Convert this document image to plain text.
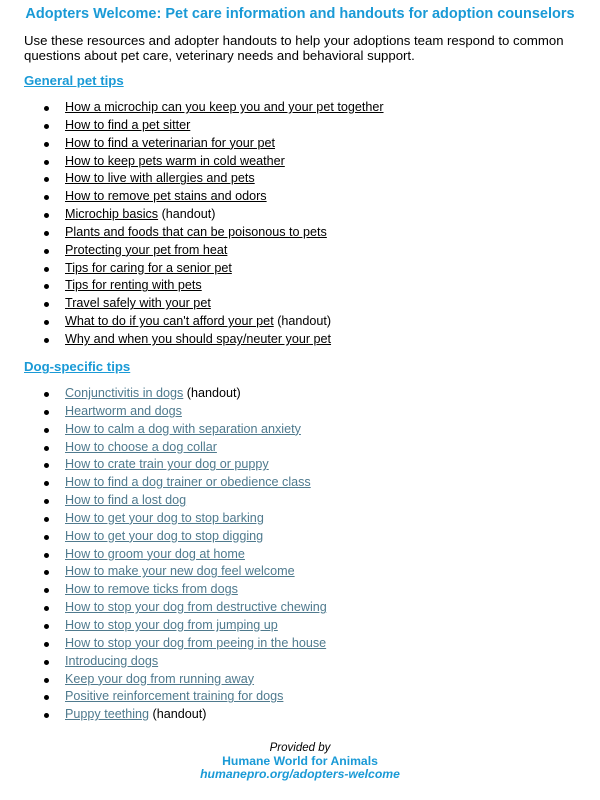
Adopters Welcome: Pet care information and handouts for adoption counselors

Use these resources and adopter handouts to help your adoptions team respond to common questions about pet care, veterinary needs and behavioral support.

General pet tips
How a microchip can you keep you and your pet together
How to find a pet sitter
How to find a veterinarian for your pet
How to keep pets warm in cold weather
How to live with allergies and pets
How to remove pet stains and odors
Microchip basics (handout)
Plants and foods that can be poisonous to pets
Protecting your pet from heat
Tips for caring for a senior pet
Tips for renting with pets
Travel safely with your pet
What to do if you can't afford your pet (handout)
Why and when you should spay/neuter your pet
Dog-specific tips
Conjunctivitis in dogs (handout)
Heartworm and dogs
How to calm a dog with separation anxiety
How to choose a dog collar
How to crate train your dog or puppy
How to find a dog trainer or obedience class
How to find a lost dog
How to get your dog to stop barking
How to get your dog to stop digging
How to groom your dog at home
How to make your new dog feel welcome
How to remove ticks from dogs
How to stop your dog from destructive chewing
How to stop your dog from jumping up
How to stop your dog from peeing in the house
Introducing dogs
Keep your dog from running away
Positive reinforcement training for dogs
Puppy teething (handout)
Provided by
Humane World for Animals
humanepro.org/adopters-welcome
